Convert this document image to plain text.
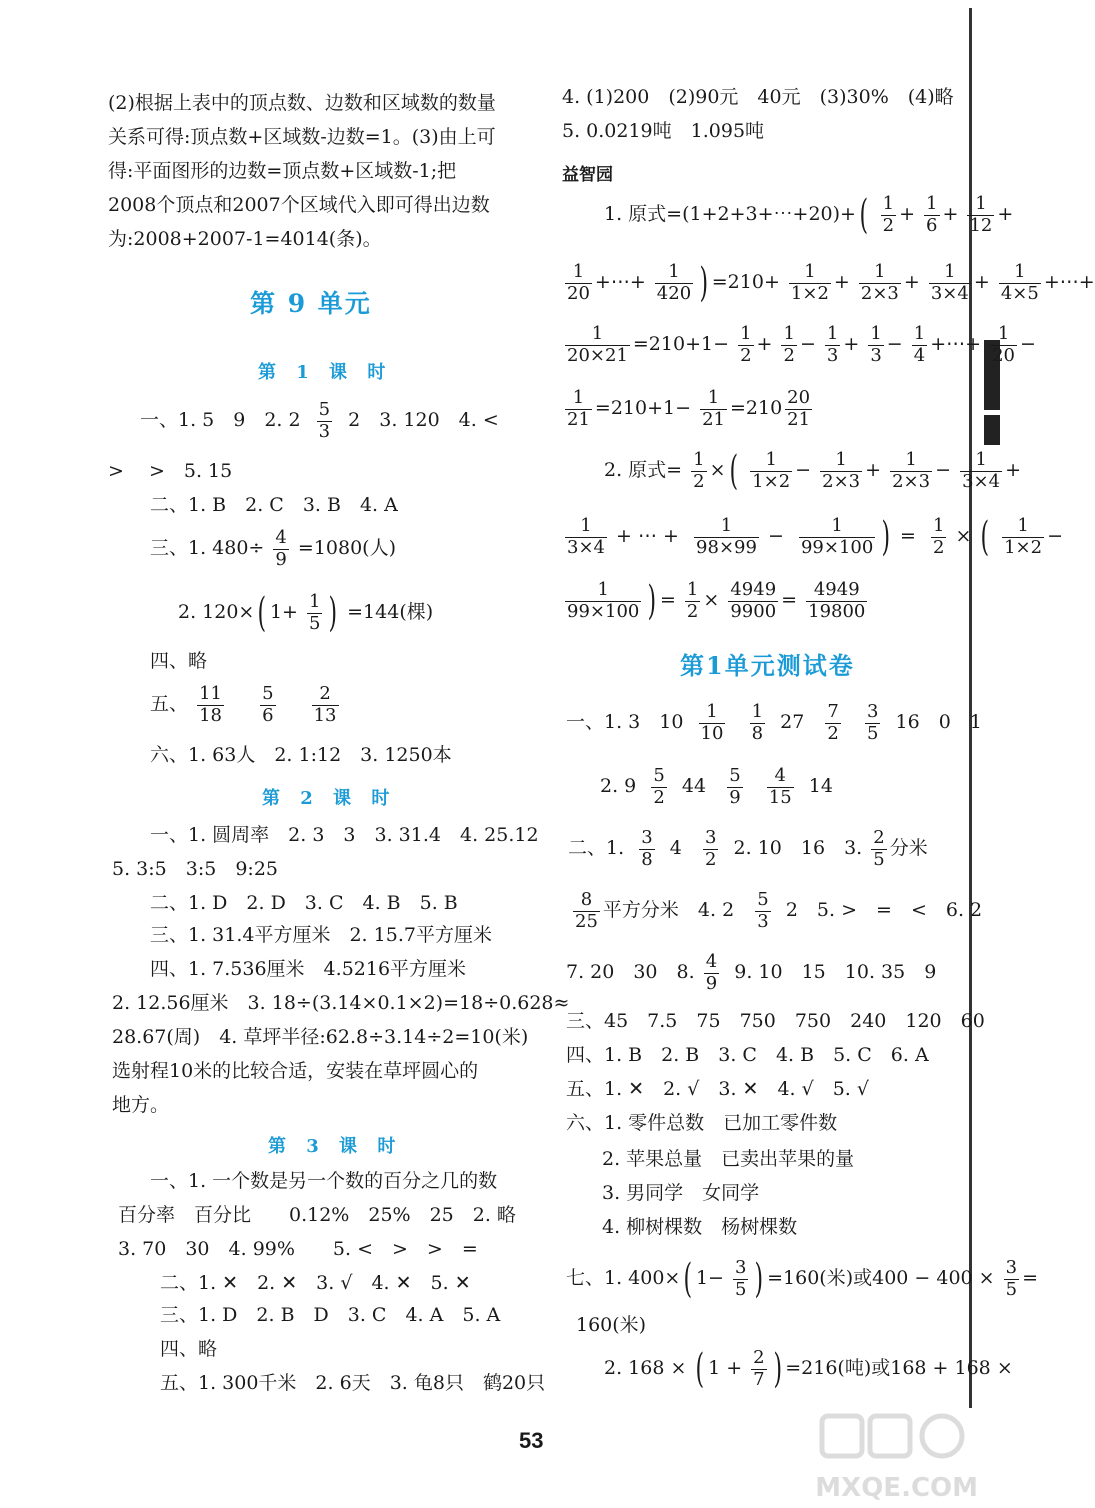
(2)根据上表中的顶点数、边数和区域数的数量
关系可得:顶点数+区域数-边数=1。(3)由上可
得:平面图形的边数=顶点数+区域数-1;把
2008个顶点和2007个区域代入即可得出边数
为:2008+2007-1=4014(条)。
第 9 单元
第 1 课 时
一、1. 5　9　2. $2 \frac{5}{3} 2$　3. 120　4. <
> 　>　5. 15
二、1. B　2. C　3. B　4. A
三、1. $480\div \frac{4}{9} =1080$(人)
2. 120×( $1+ \frac{1}{5}$ ) =144(棵)
四、略
五、 $\frac{11}{18}$
$\frac{5}{6}$
$\frac{2}{13}$
六、1. 63人　2. 1:12　3. 1250本
第 2 课 时
一、1. 圆周率　2. 3　3　3. 31.4　4. 25.12
5. 3:5　3:5　9:25
二、1. D　2. D　3. C　4. B　5. B
三、1. 31.4平方厘米　2. 15.7平方厘米
四、1. 7.536厘米　4.5216平方厘米
2. 12.56厘米　3. 18÷(3.14×0.1×2)=18÷0.628≈
28.67(周)　4. 草坪半径:62.8÷3.14÷2=10(米)
选射程10米的比较合适，安装在草坪圆心的
地方。
第 3 课 时
一、1. 一个数是另一个数的百分之几的数
百分率　百分比　　0.12%　25%　25　2. 略
3. 70　30　4. 99%　　5. <　>　>　=
二、1. ✕　2. ✕　3. √　4. ✕　5. ✕
三、1. D　2. B　D　3. C　4. A　5. A
四、略
五、1. 300千米　2. 6天　3. 龟8只　鹤20只
4. (1)200　(2)90元　40元　(3)30%　(4)略
5. 0.0219吨　1.095吨
益智园
1. 原式=(1+2+3+⋯+20)+( $\frac{1}{2} + \frac{1}{6} + \frac{1}{12}$ +
$\frac{1}{20}$ +⋯+ $\frac{1}{420}$ ) $=210+ \frac{1}{1\times 2} + \frac{1}{2\times 3} + \frac{1}{3\times 4} + \frac{1}{4\times 5}$ +⋯+
$\frac{1}{20\times 21} =210+1- \frac{1}{2} + \frac{1}{2} - \frac{1}{3} + \frac{1}{3} - \frac{1}{4}$ +⋯+ $\frac{1}{20}$ −
$\frac{1}{21} =210+1- \frac{1}{21} =210 \frac{20}{21}$
2. 原式= $\frac{1}{2}$ ×( $\frac{1}{1\times 2} - \frac{1}{2\times 3} + \frac{1}{2\times 3} - \frac{1}{3\times 4}$ +
$\frac{1}{3\times 4}$ + ⋯ + $\frac{1}{98\times 99} - \frac{1}{99\times 100}$ ) = $\frac{1}{2}$ × ( $\frac{1}{1\times 2}$ −
$\frac{1}{99\times 100}$ ) = $\frac{1}{2} \times \frac{4949}{9900} = \frac{4949}{19800}$
第1单元测试卷
一、1. 3　$10 \frac{1}{10}$
$\frac{1}{8} 27 \frac{7}{2}$
$\frac{3}{5} 16$　0　1
2. $9 \frac{5}{2} 44 \frac{5}{9}$
$\frac{4}{15} 14$
二、1. $\frac{3}{8} 4 \frac{3}{2} 2$. 10　16　3. $\frac{2}{5}$ 分米
$\frac{8}{25}$ 平方分米　4. $2 \frac{5}{3} 2$　5. >　=　<　6. 2
7. 20　30　8. $\frac{4}{9} 9$. 10　15　10. 35　9
三、45　7.5　75　750　750　240　120　60
四、1. B　2. B　3. C　4. B　5. C　6. A
五、1. ✕　2. √　3. ✕　4. √　5. √
六、1. 零件总数　已加工零件数
2. 苹果总量　已卖出苹果的量
3. 男同学　女同学
4. 柳树棵数　杨树棵数
七、1. 400×( $1- \frac{3}{5}$ ) =160(米)或$400 - 400 \times \frac{3}{5}$ =
160(米)
2. 168 × ( $1 + \frac{2}{7}$ ) =216(吨)或168 + 168 ×
53
MXQE.COM
